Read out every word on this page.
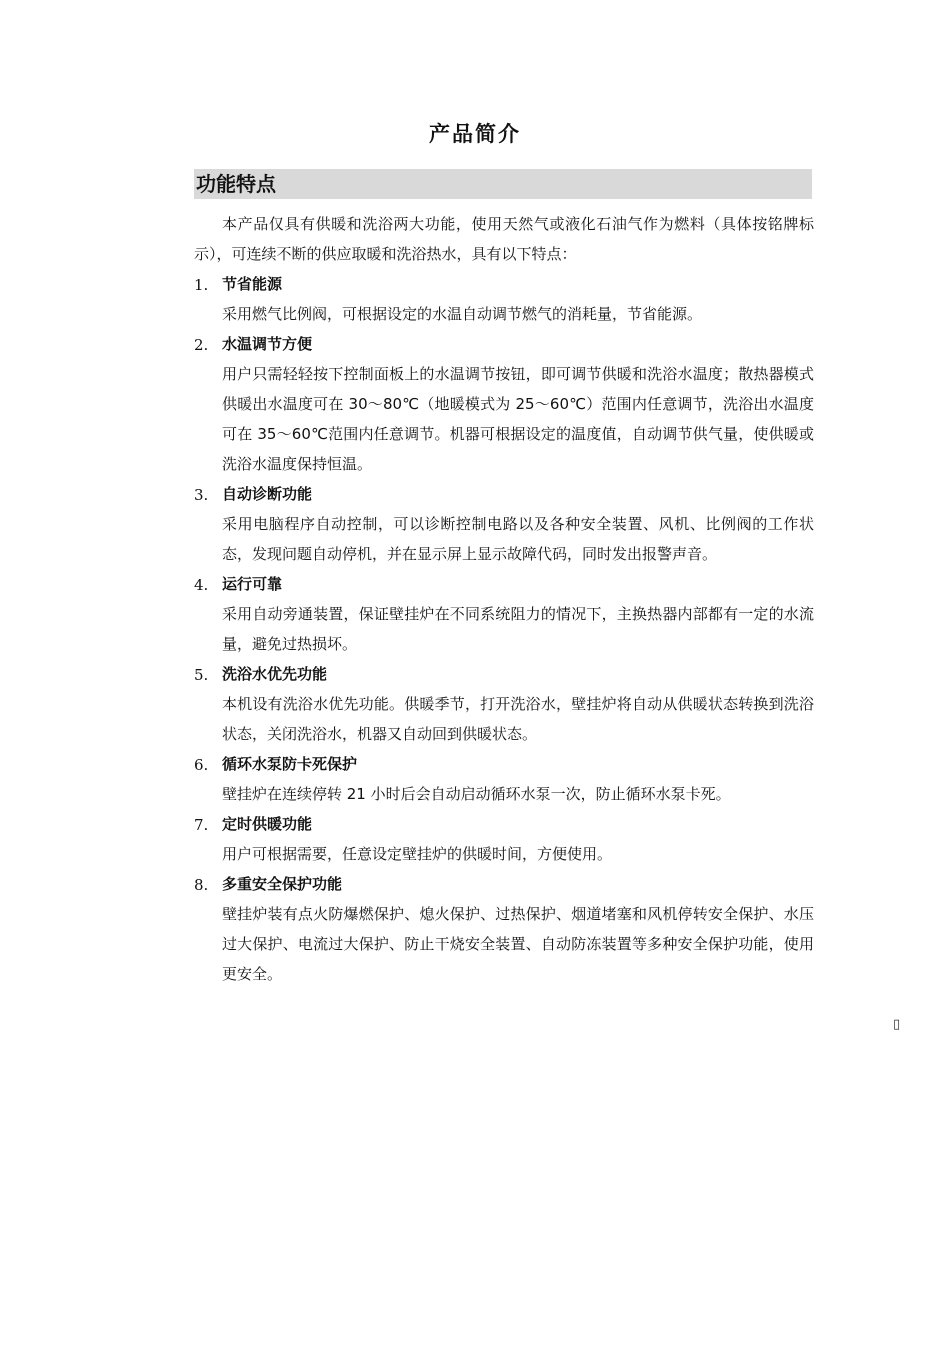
产品简介
功能特点

本产品仅具有供暖和洗浴两大功能，使用天然气或液化石油气作为燃料（具体按铭牌标示），可连续不断的供应取暖和洗浴热水，具有以下特点：

1. 节省能源
采用燃气比例阀，可根据设定的水温自动调节燃气的消耗量，节省能源。
2. 水温调节方便
用户只需轻轻按下控制面板上的水温调节按钮，即可调节供暖和洗浴水温度；散热器模式供暖出水温度可在 30～80℃（地暖模式为 25～60℃）范围内任意调节，洗浴出水温度可在 35～60℃范围内任意调节。机器可根据设定的温度值，自动调节供气量，使供暖或洗浴水温度保持恒温。
3. 自动诊断功能
采用电脑程序自动控制，可以诊断控制电路以及各种安全装置、风机、比例阀的工作状态，发现问题自动停机，并在显示屏上显示故障代码，同时发出报警声音。
4. 运行可靠
采用自动旁通装置，保证壁挂炉在不同系统阻力的情况下，主换热器内部都有一定的水流量，避免过热损坏。
5. 洗浴水优先功能
本机设有洗浴水优先功能。供暖季节，打开洗浴水，壁挂炉将自动从供暖状态转换到洗浴状态，关闭洗浴水，机器又自动回到供暖状态。
6. 循环水泵防卡死保护
壁挂炉在连续停转 21 小时后会自动启动循环水泵一次，防止循环水泵卡死。
7. 定时供暖功能
用户可根据需要，任意设定壁挂炉的供暖时间，方便使用。
8. 多重安全保护功能
壁挂炉装有点火防爆燃保护、熄火保护、过热保护、烟道堵塞和风机停转安全保护、水压过大保护、电流过大保护、防止干烧安全装置、自动防冻装置等多种安全保护功能，使用更安全。
▯
